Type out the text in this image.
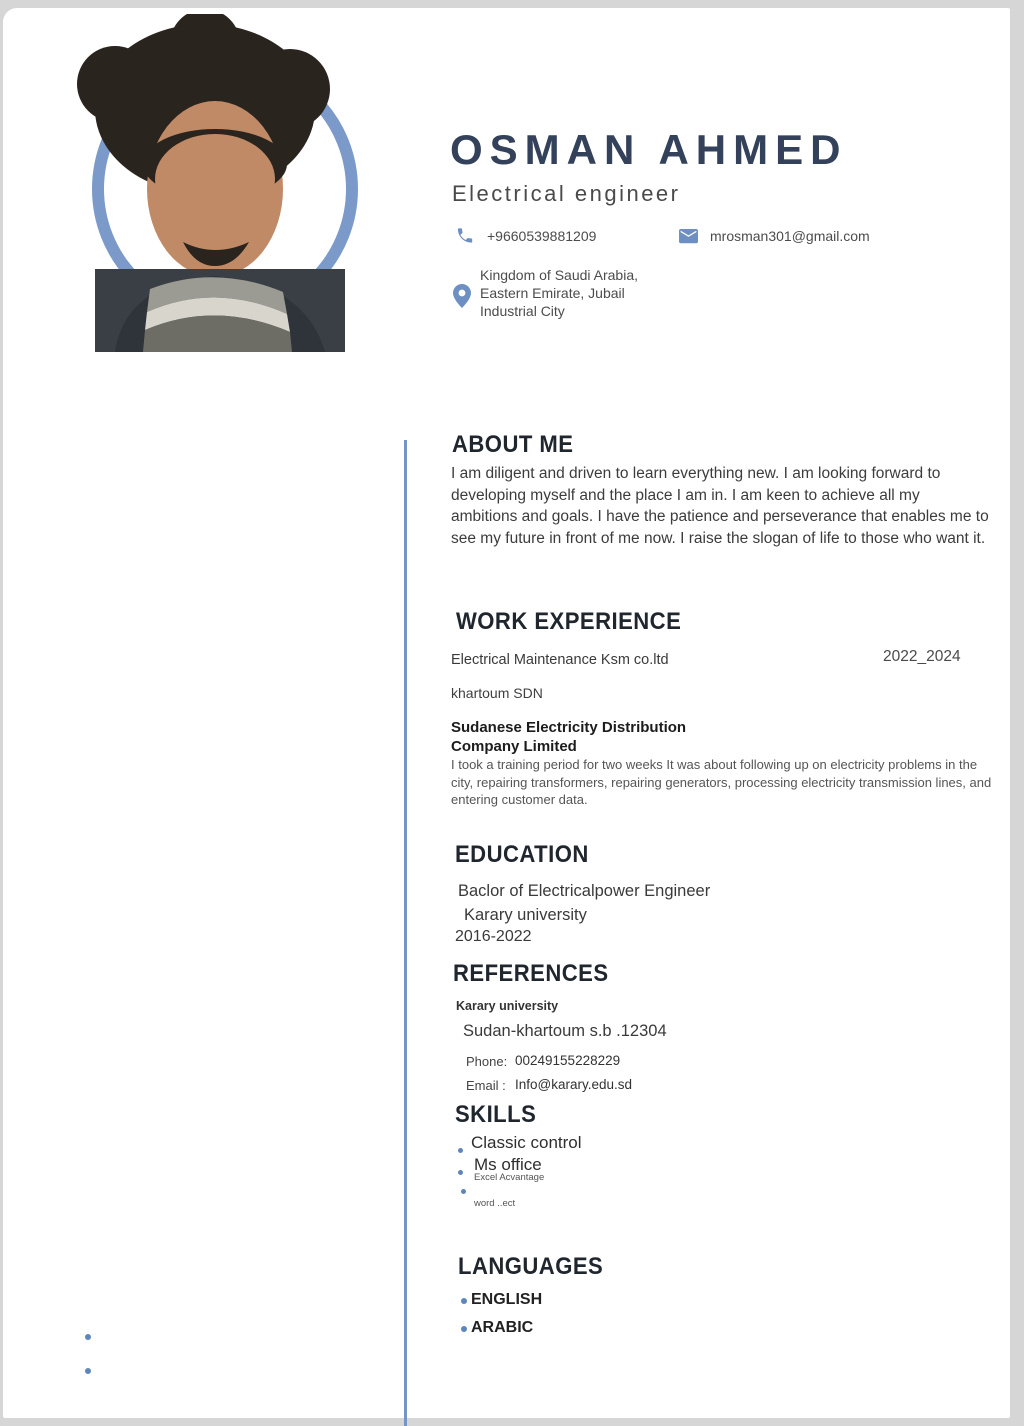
OSMAN AHMED
Electrical engineer
+9660539881209	mrosman301@gmail.com
Kingdom of Saudi Arabia,
Eastern Emirate, Jubail
Industrial City
ABOUT ME
I am diligent and driven to learn everything new. I am looking forward to developing myself and the place I am in. I am keen to achieve all my ambitions and goals. I have the patience and perseverance that enables me to see my future in front of me now. I raise the slogan of life to those who want it.
WORK EXPERIENCE
Electrical Maintenance Ksm co.ltd	2022_2024
khartoum SDN
Sudanese Electricity Distribution
Company Limited
I took a training period for two weeks It was about following up on electricity problems in the city, repairing transformers, repairing generators, processing electricity transmission lines, and entering customer data.
EDUCATION
Baclor of Electricalpower Engineer
Karary university
2016-2022
REFERENCES
Karary university
Sudan-khartoum s.b .12304
Phone: 00249155228229
Email : Info@karary.edu.sd
SKILLS
Classic control
Ms office
Excel Acvantage
word ..ect
LANGUAGES
ENGLISH
ARABIC
